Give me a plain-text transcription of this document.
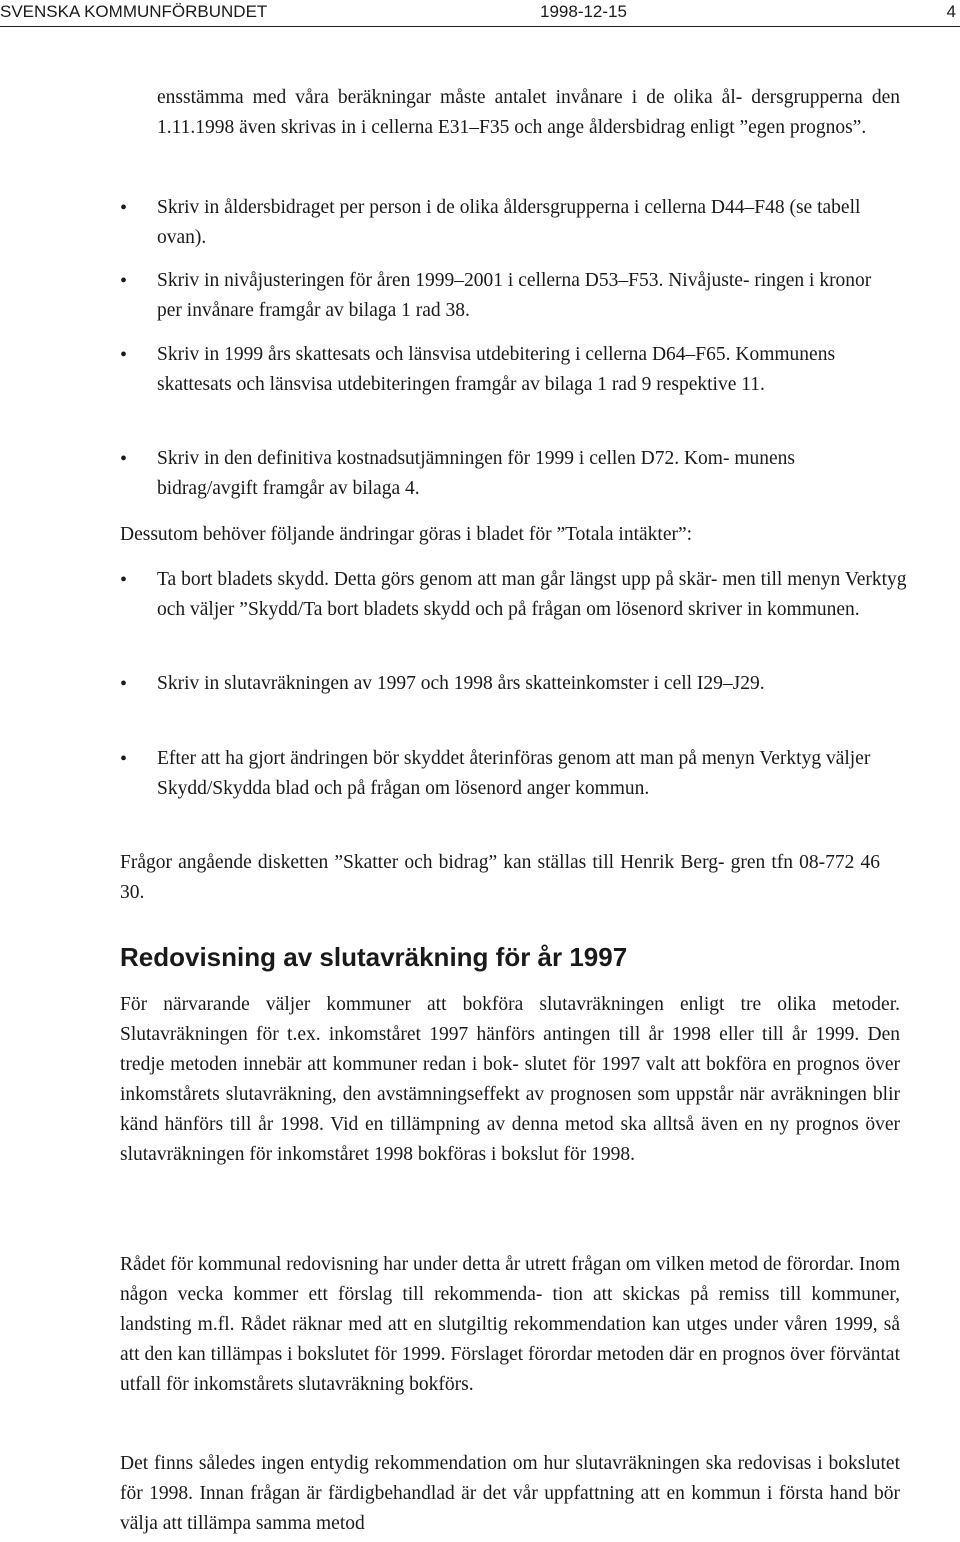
SVENSKA KOMMUNFÖRBUNDET	1998-12-15	4
ensstämma med våra beräkningar måste antalet invånare i de olika ål- dersgrupperna den 1.11.1998 även skrivas in i cellerna E31–F35 och ange åldersbidrag enligt ”egen prognos”.
• Skriv in åldersbidraget per person i de olika åldersgrupperna i cellerna D44–F48 (se tabell ovan).
• Skriv in nivåjusteringen för åren 1999–2001 i cellerna D53–F53. Nivåjuste- ringen i kronor per invånare framgår av bilaga 1 rad 38.
• Skriv in 1999 års skattesats och länsvisa utdebitering i cellerna D64–F65. Kommunens skattesats och länsvisa utdebiteringen framgår av bilaga 1 rad 9 respektive 11.
• Skriv in den definitiva kostnadsutjämningen för 1999 i cellen D72. Kom- munens bidrag/avgift framgår av bilaga 4.

Dessutom behöver följande ändringar göras i bladet för ”Totala intäkter”:

• Ta bort bladets skydd. Detta görs genom att man går längst upp på skär- men till menyn Verktyg och väljer ”Skydd/Ta bort bladets skydd och på frågan om lösenord skriver in kommunen.
• Skriv in slutavräkningen av 1997 och 1998 års skatteinkomster i cell I29–J29.
• Efter att ha gjort ändringen bör skyddet återinföras genom att man på menyn Verktyg väljer Skydd/Skydda blad och på frågan om lösenord anger kommun.

Frågor angående disketten ”Skatter och bidrag” kan ställas till Henrik Berg- gren tfn 08-772 46 30.

Redovisning av slutavräkning för år 1997

För närvarande väljer kommuner att bokföra slutavräkningen enligt tre olika metoder. Slutavräkningen för t.ex. inkomståret 1997 hänförs antingen till år 1998 eller till år 1999. Den tredje metoden innebär att kommuner redan i bok- slutet för 1997 valt att bokföra en prognos över inkomstårets slutavräkning, den avstämningseffekt av prognosen som uppstår när avräkningen blir känd hänförs till år 1998. Vid en tillämpning av denna metod ska alltså även en ny prognos över slutavräkningen för inkomståret 1998 bokföras i bokslut för 1998.

Rådet för kommunal redovisning har under detta år utrett frågan om vilken metod de förordar. Inom någon vecka kommer ett förslag till rekommenda- tion att skickas på remiss till kommuner, landsting m.fl. Rådet räknar med att en slutgiltig rekommendation kan utges under våren 1999, så att den kan tillämpas i bokslutet för 1999. Förslaget förordar metoden där en prognos över förväntat utfall för inkomstårets slutavräkning bokförs.

Det finns således ingen entydig rekommendation om hur slutavräkningen ska redovisas i bokslutet för 1998. Innan frågan är färdigbehandlad är det vår uppfattning att en kommun i första hand bör välja att tillämpa samma metod
